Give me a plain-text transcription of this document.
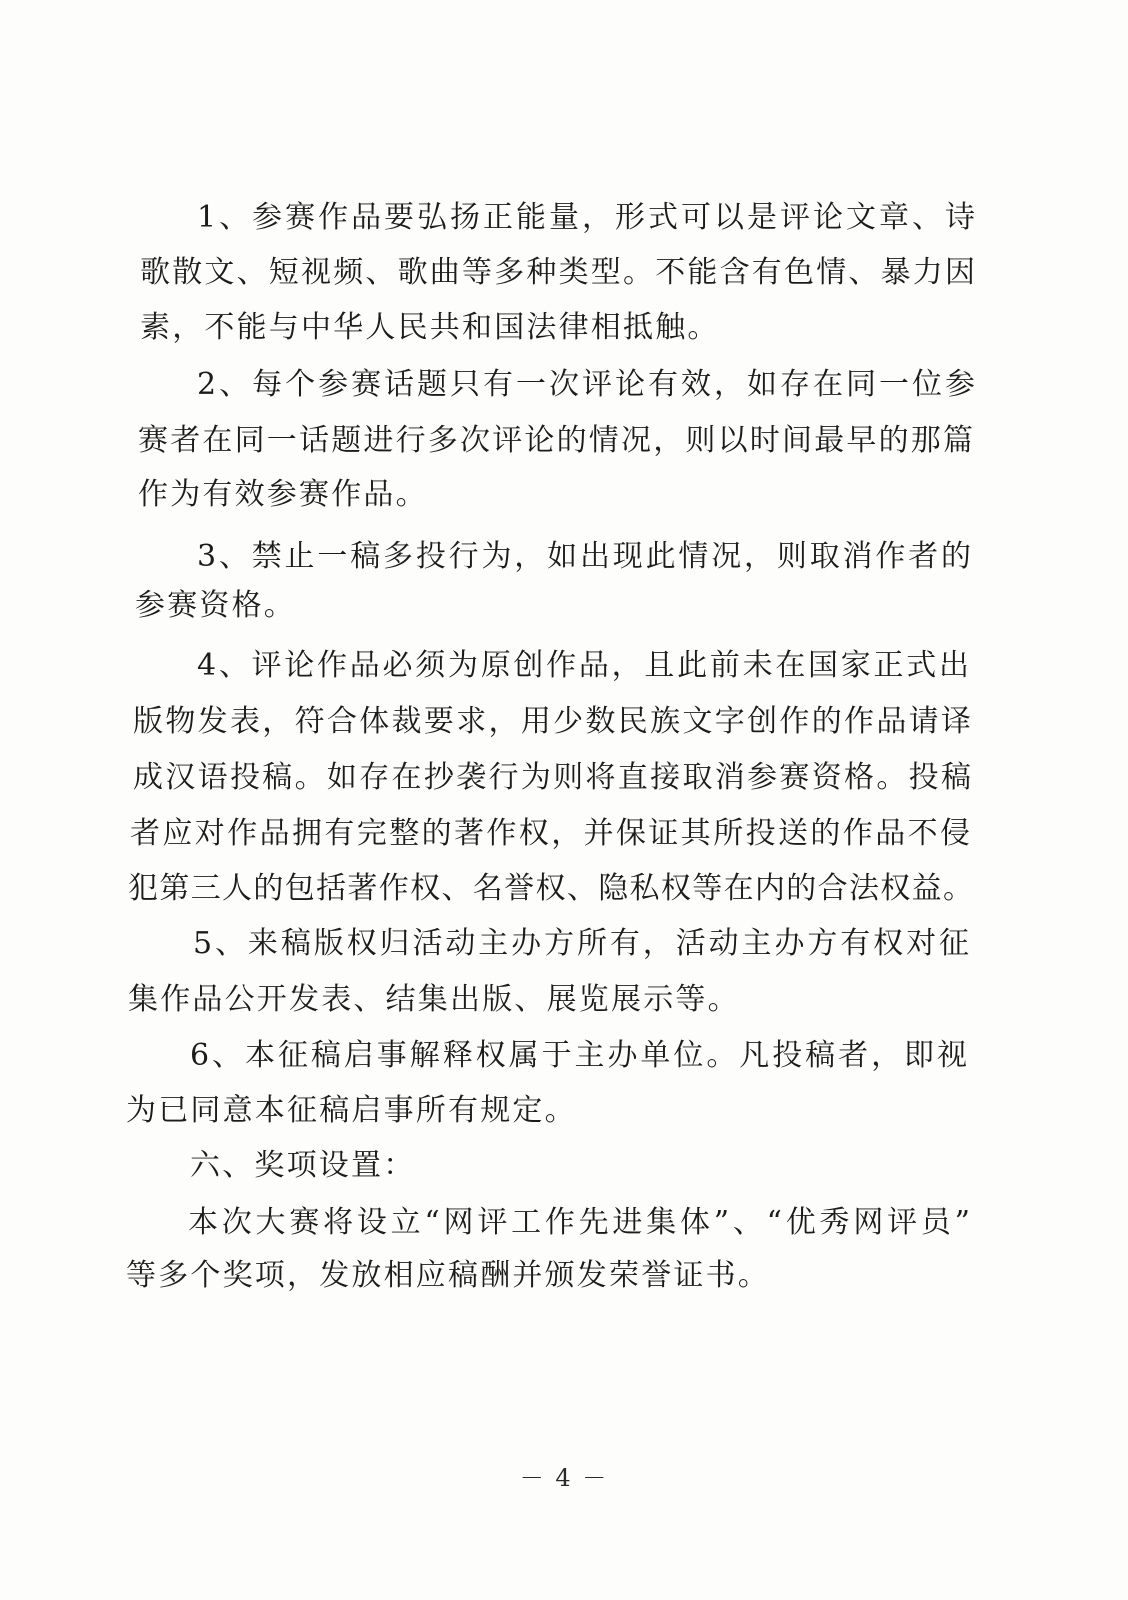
1、参赛作品要弘扬正能量，形式可以是评论文章、诗
歌散文、短视频、歌曲等多种类型。不能含有色情、暴力因
素，不能与中华人民共和国法律相抵触。
2、每个参赛话题只有一次评论有效，如存在同一位参
赛者在同一话题进行多次评论的情况，则以时间最早的那篇
作为有效参赛作品。
3、禁止一稿多投行为，如出现此情况，则取消作者的
参赛资格。
4、评论作品必须为原创作品，且此前未在国家正式出
版物发表，符合体裁要求，用少数民族文字创作的作品请译
成汉语投稿。如存在抄袭行为则将直接取消参赛资格。投稿
者应对作品拥有完整的著作权，并保证其所投送的作品不侵
犯第三人的包括著作权、名誉权、隐私权等在内的合法权益。
5、来稿版权归活动主办方所有，活动主办方有权对征
集作品公开发表、结集出版、展览展示等。
6、本征稿启事解释权属于主办单位。凡投稿者，即视
为已同意本征稿启事所有规定。
六、奖项设置：
本次大赛将设立“网评工作先进集体”、“优秀网评员”
等多个奖项，发放相应稿酬并颁发荣誉证书。
－ 4 －
